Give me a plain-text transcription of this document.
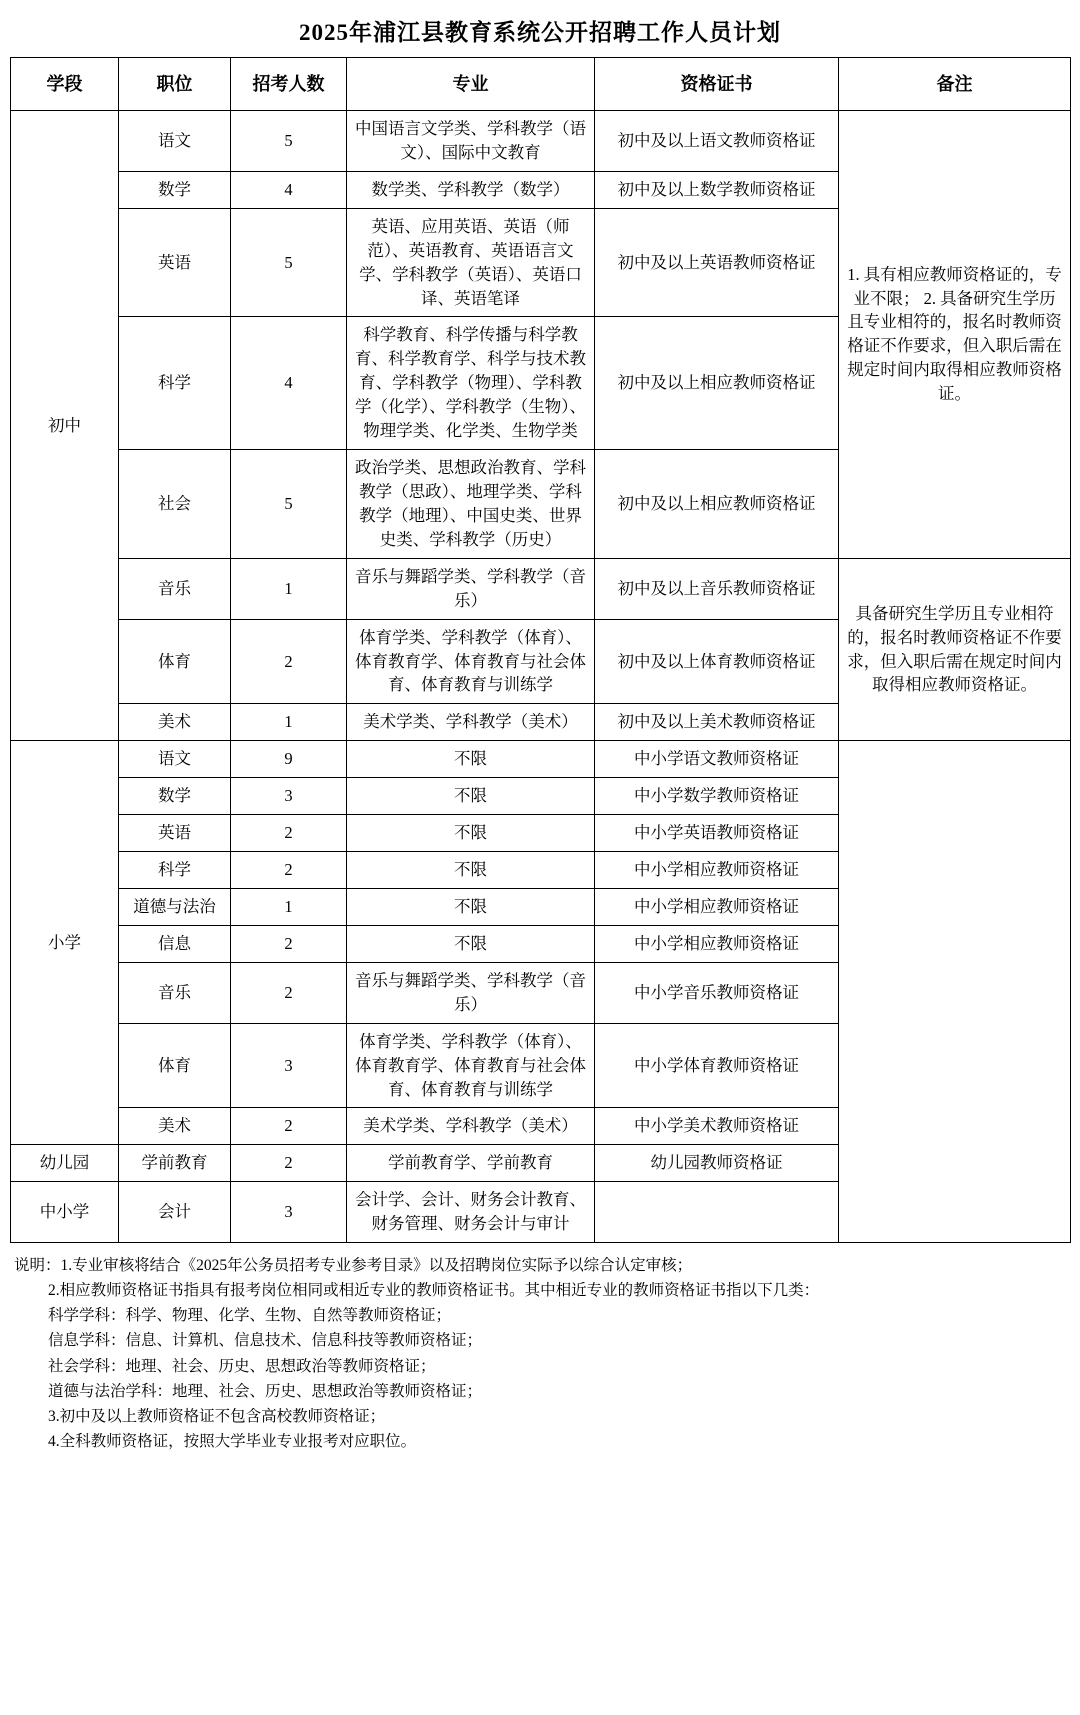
2025年浦江县教育系统公开招聘工作人员计划
学段	职位	招考人数	专业	资格证书	备注
初中	语文	5	中国语言文学类、学科教学（语文）、国际中文教育	初中及以上语文教师资格证	1. 具有相应教师资格证的，专业不限； 2. 具备研究生学历且专业相符的，报名时教师资格证不作要求，但入职后需在规定时间内取得相应教师资格证。
	数学	4	数学类、学科教学（数学）	初中及以上数学教师资格证	
	英语	5	英语、应用英语、英语（师范）、英语教育、英语语言文学、学科教学（英语）、英语口译、英语笔译	初中及以上英语教师资格证	
	科学	4	科学教育、科学传播与科学教育、科学教育学、科学与技术教育、学科教学（物理）、学科教学（化学）、学科教学（生物）、物理学类、化学类、生物学类	初中及以上相应教师资格证	
	社会	5	政治学类、思想政治教育、学科教学（思政）、地理学类、学科教学（地理）、中国史类、世界史类、学科教学（历史）	初中及以上相应教师资格证	
	音乐	1	音乐与舞蹈学类、学科教学（音乐）	初中及以上音乐教师资格证	具备研究生学历且专业相符的，报名时教师资格证不作要求，但入职后需在规定时间内取得相应教师资格证。
	体育	2	体育学类、学科教学（体育）、体育教育学、体育教育与社会体育、体育教育与训练学	初中及以上体育教师资格证	
	美术	1	美术学类、学科教学（美术）	初中及以上美术教师资格证	
小学	语文	9	不限	中小学语文教师资格证	
	数学	3	不限	中小学数学教师资格证	
	英语	2	不限	中小学英语教师资格证	
	科学	2	不限	中小学相应教师资格证	
	道德与法治	1	不限	中小学相应教师资格证	
	信息	2	不限	中小学相应教师资格证	
	音乐	2	音乐与舞蹈学类、学科教学（音乐）	中小学音乐教师资格证	
	体育	3	体育学类、学科教学（体育）、体育教育学、体育教育与社会体育、体育教育与训练学	中小学体育教师资格证	
	美术	2	美术学类、学科教学（美术）	中小学美术教师资格证	
幼儿园	学前教育	2	学前教育学、学前教育	幼儿园教师资格证	
中小学	会计	3	会计学、会计、财务会计教育、财务管理、财务会计与审计		
说明：1.专业审核将结合《2025年公务员招考专业参考目录》以及招聘岗位实际予以综合认定审核；
2.相应教师资格证书指具有报考岗位相同或相近专业的教师资格证书。其中相近专业的教师资格证书指以下几类：
科学学科：科学、物理、化学、生物、自然等教师资格证；
信息学科：信息、计算机、信息技术、信息科技等教师资格证；
社会学科：地理、社会、历史、思想政治等教师资格证；
道德与法治学科：地理、社会、历史、思想政治等教师资格证；
3.初中及以上教师资格证不包含高校教师资格证；
4.全科教师资格证，按照大学毕业专业报考对应职位。
